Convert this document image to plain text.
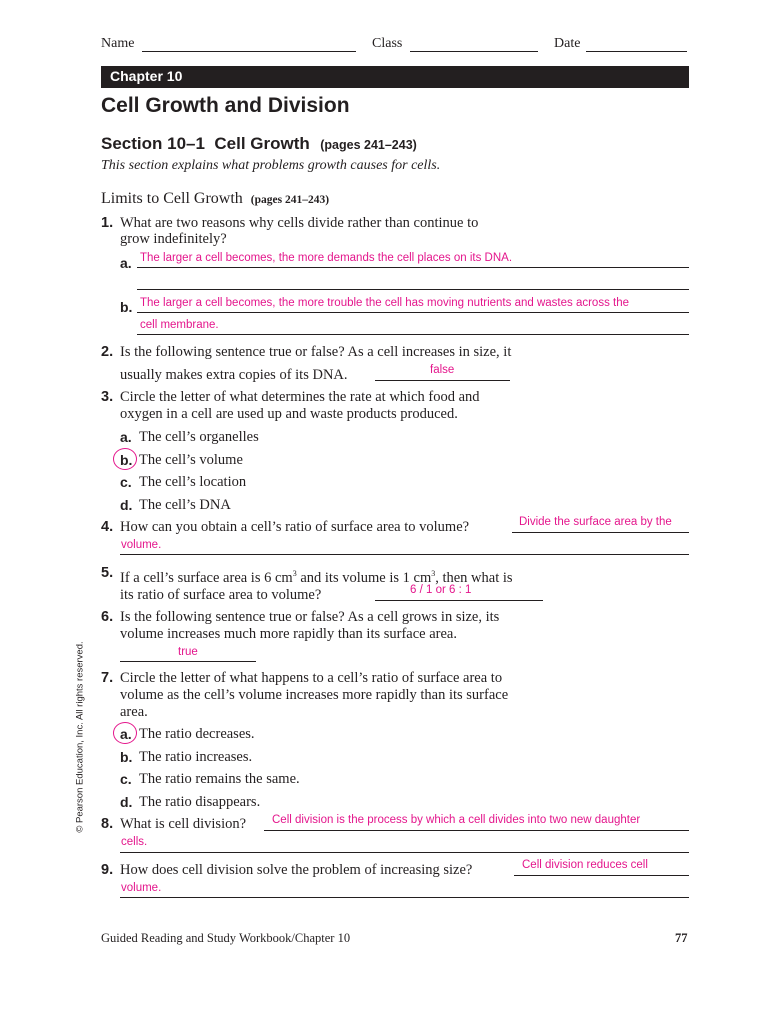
Name	Class	Date
Chapter 10
Cell Growth and Division
Section 10–1  Cell Growth (pages 241–243)
This section explains what problems growth causes for cells.
Limits to Cell Growth (pages 241–243)
1. What are two reasons why cells divide rather than continue to
grow indefinitely?
a. The larger a cell becomes, the more demands the cell places on its DNA.
b. The larger a cell becomes, the more trouble the cell has moving nutrients and wastes across the
cell membrane.
2. Is the following sentence true or false? As a cell increases in size, it
usually makes extra copies of its DNA.	false
3. Circle the letter of what determines the rate at which food and
oxygen in a cell are used up and waste products produced.
a. The cell’s organelles
b. The cell’s volume
c. The cell’s location
d. The cell’s DNA
4. How can you obtain a cell’s ratio of surface area to volume?	Divide the surface area by the
volume.
5. If a cell’s surface area is 6 $cm^3$ and its volume is 1 $cm^3$, then what is
its ratio of surface area to volume?	6 / 1 or 6 : 1
6. Is the following sentence true or false? As a cell grows in size, its
volume increases much more rapidly than its surface area.
true
7. Circle the letter of what happens to a cell’s ratio of surface area to
volume as the cell’s volume increases more rapidly than its surface
area.
a. The ratio decreases.
b. The ratio increases.
c. The ratio remains the same.
d. The ratio disappears.
8. What is cell division? Cell division is the process by which a cell divides into two new daughter
cells.
9. How does cell division solve the problem of increasing size?	Cell division reduces cell
volume.
Guided Reading and Study Workbook/Chapter 10	77
© Pearson Education, Inc. All rights reserved.
